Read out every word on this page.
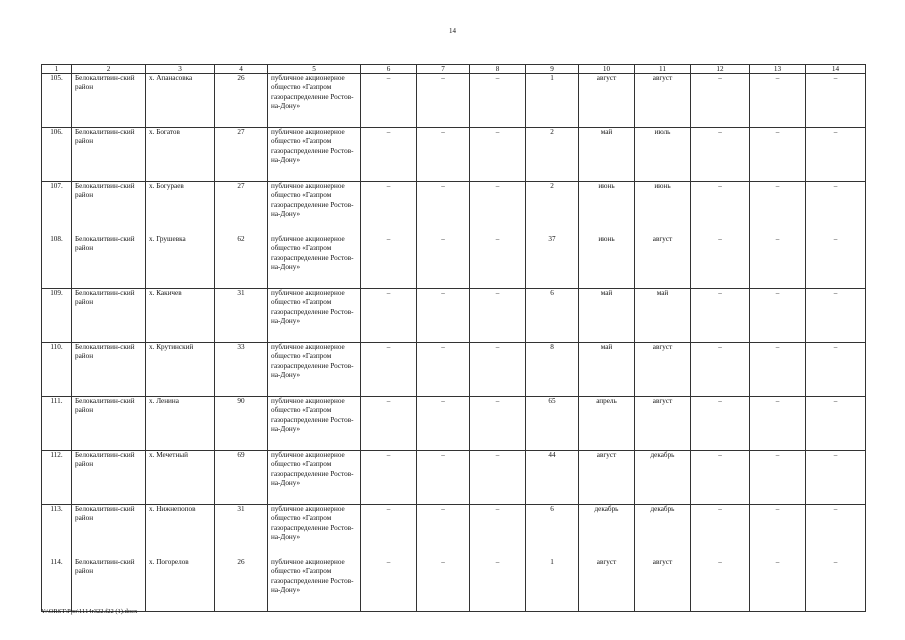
14
1	2	3	4	5	6	7	8	9	10	11	12	13	14
105.	Белокалитвин-ский район	х. Апанасовка	26	публичное акционерное общество «Газпром газораспределение Ростов-на-Дону»	–	–	–	1	август	август	–	–	–
106.	Белокалитвин-ский район	х. Богатов	27	публичное акционерное общество «Газпром газораспределение Ростов-на-Дону»	–	–	–	2	май	июль	–	–	–
107.	Белокалитвин-ский район	х. Богураев	27	публичное акционерное общество «Газпром газораспределение Ростов-на-Дону»	–	–	–	2	июнь	июнь	–	–	–
108.	Белокалитвин-ский район	х. Грушевка	62	публичное акционерное общество «Газпром газораспределение Ростов-на-Дону»	–	–	–	37	июнь	август	–	–	–
109.	Белокалитвин-ский район	х. Какичев	31	публичное акционерное общество «Газпром газораспределение Ростов-на-Дону»	–	–	–	6	май	май	–	–	–
110.	Белокалитвин-ский район	х. Крутинский	33	публичное акционерное общество «Газпром газораспределение Ростов-на-Дону»	–	–	–	8	май	август	–	–	–
111.	Белокалитвин-ский район	х. Ленина	90	публичное акционерное общество «Газпром газораспределение Ростов-на-Дону»	–	–	–	65	апрель	август	–	–	–
112.	Белокалитвин-ский район	х. Мечетный	69	публичное акционерное общество «Газпром газораспределение Ростов-на-Дону»	–	–	–	44	август	декабрь	–	–	–
113.	Белокалитвин-ский район	х. Нижнепопов	31	публичное акционерное общество «Газпром газораспределение Ростов-на-Дону»	–	–	–	6	декабрь	декабрь	–	–	–
114.	Белокалитвин-ский район	х. Погорелов	26	публичное акционерное общество «Газпром газораспределение Ростов-на-Дону»	–	–	–	1	август	август	–	–	–
Y:\ORST\Ppo\1114r322.f22 (1).docx
